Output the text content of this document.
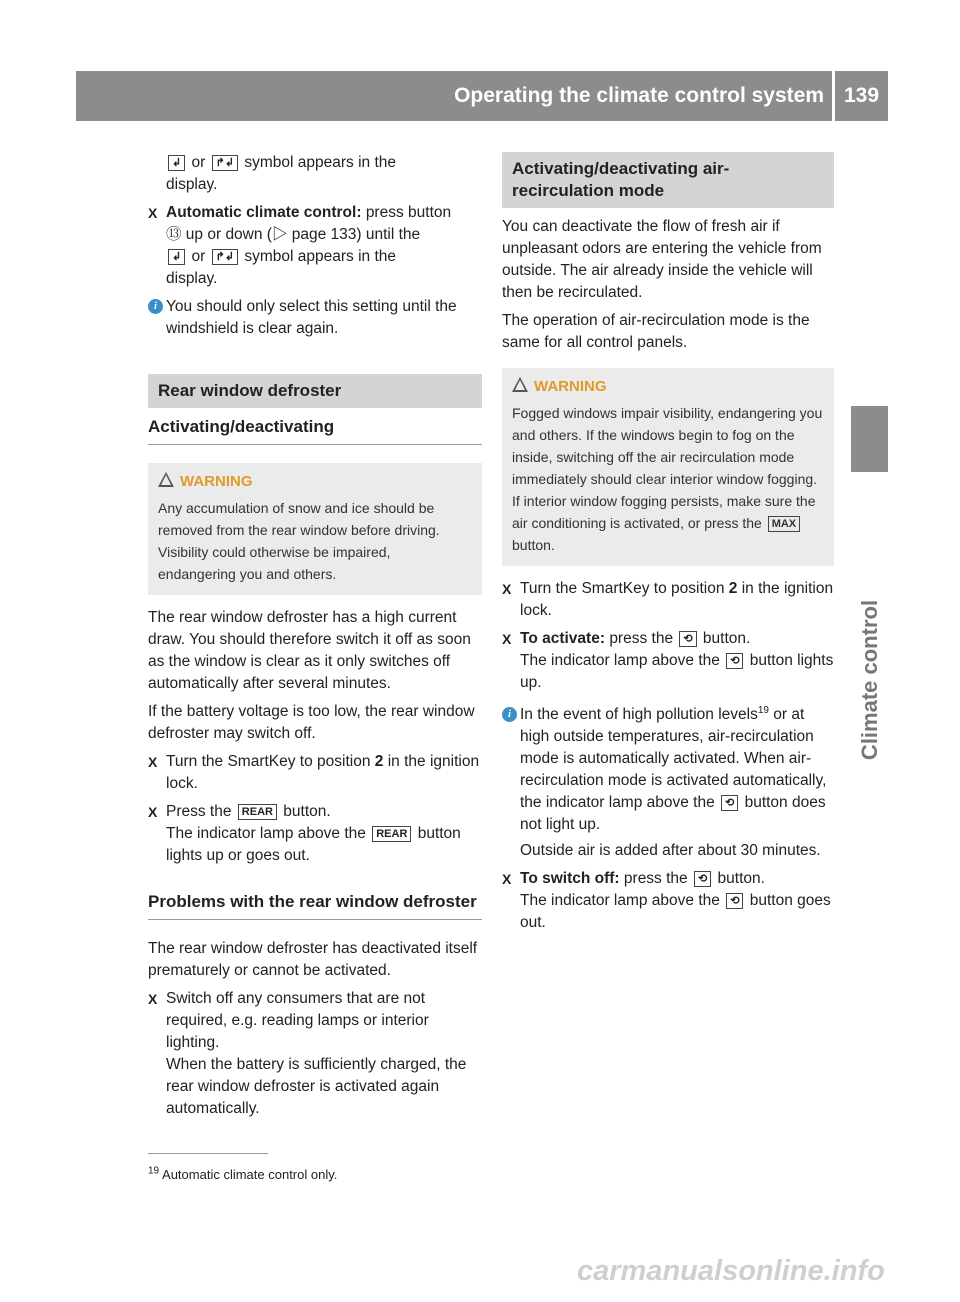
Operating the climate control system 139
Climate control

↲ or ↱↲ symbol appears in the
display.

X Automatic climate control: press button
⑬ up or down (▷ page 133) until the
↲ or ↱↲ symbol appears in the
display.
i You should only select this setting until the windshield is clear again.
Rear window defroster
Activating/deactivating
WARNING
Any accumulation of snow and ice should be removed from the rear window before driving. Visibility could otherwise be impaired, endangering you and others.

The rear window defroster has a high current draw. You should therefore switch it off as soon as the window is clear as it only switches off automatically after several minutes.

If the battery voltage is too low, the rear window defroster may switch off.

X Turn the SmartKey to position 2 in the ignition lock.
X Press the REAR button.
The indicator lamp above the REAR button lights up or goes out.
Problems with the rear window defroster

The rear window defroster has deactivated itself prematurely or cannot be activated.

X Switch off any consumers that are not required, e.g. reading lamps or interior lighting.
When the battery is sufficiently charged, the rear window defroster is activated again automatically.
Activating/deactivating air-recirculation mode

You can deactivate the flow of fresh air if unpleasant odors are entering the vehicle from outside. The air already inside the vehicle will then be recirculated.

The operation of air-recirculation mode is the same for all control panels.

WARNING
Fogged windows impair visibility, endangering you and others. If the windows begin to fog on the inside, switching off the air recirculation mode immediately should clear interior window fogging. If interior window fogging persists, make sure the air conditioning is activated, or press the MAX button.
X Turn the SmartKey to position 2 in the ignition lock.
X To activate: press the ⟲ button.
The indicator lamp above the ⟲ button lights up.
i In the event of high pollution levels$^{19}$ or at high outside temperatures, air-recirculation mode is automatically activated. When air-recirculation mode is activated automatically, the indicator lamp above the ⟲ button does not light up.
Outside air is added after about 30 minutes.
X To switch off: press the ⟲ button.
The indicator lamp above the ⟲ button goes out.
$^{19}$ Automatic climate control only.
carmanualsonline.info
